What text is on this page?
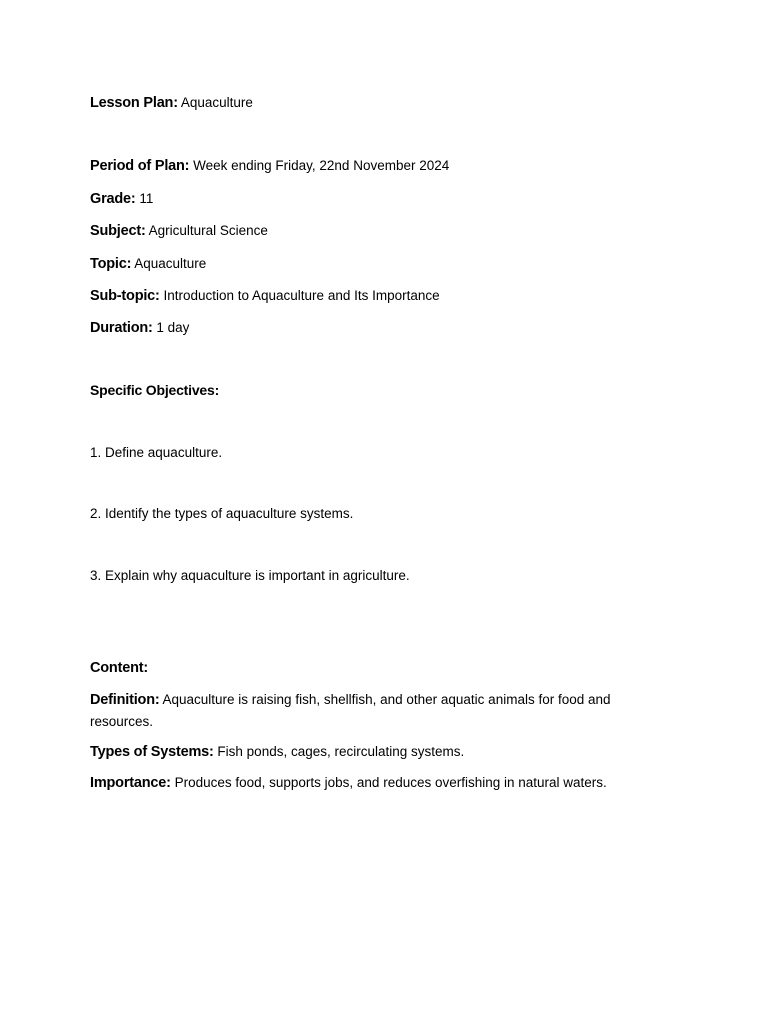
Lesson Plan: Aquaculture
Period of Plan: Week ending Friday, 22nd November 2024
Grade: 11
Subject: Agricultural Science
Topic: Aquaculture
Sub-topic: Introduction to Aquaculture and Its Importance
Duration: 1 day
Specific Objectives:
1. Define aquaculture.
2. Identify the types of aquaculture systems.
3. Explain why aquaculture is important in agriculture.
Content:
Definition: Aquaculture is raising fish, shellfish, and other aquatic animals for food and resources.
Types of Systems: Fish ponds, cages, recirculating systems.
Importance: Produces food, supports jobs, and reduces overfishing in natural waters.
